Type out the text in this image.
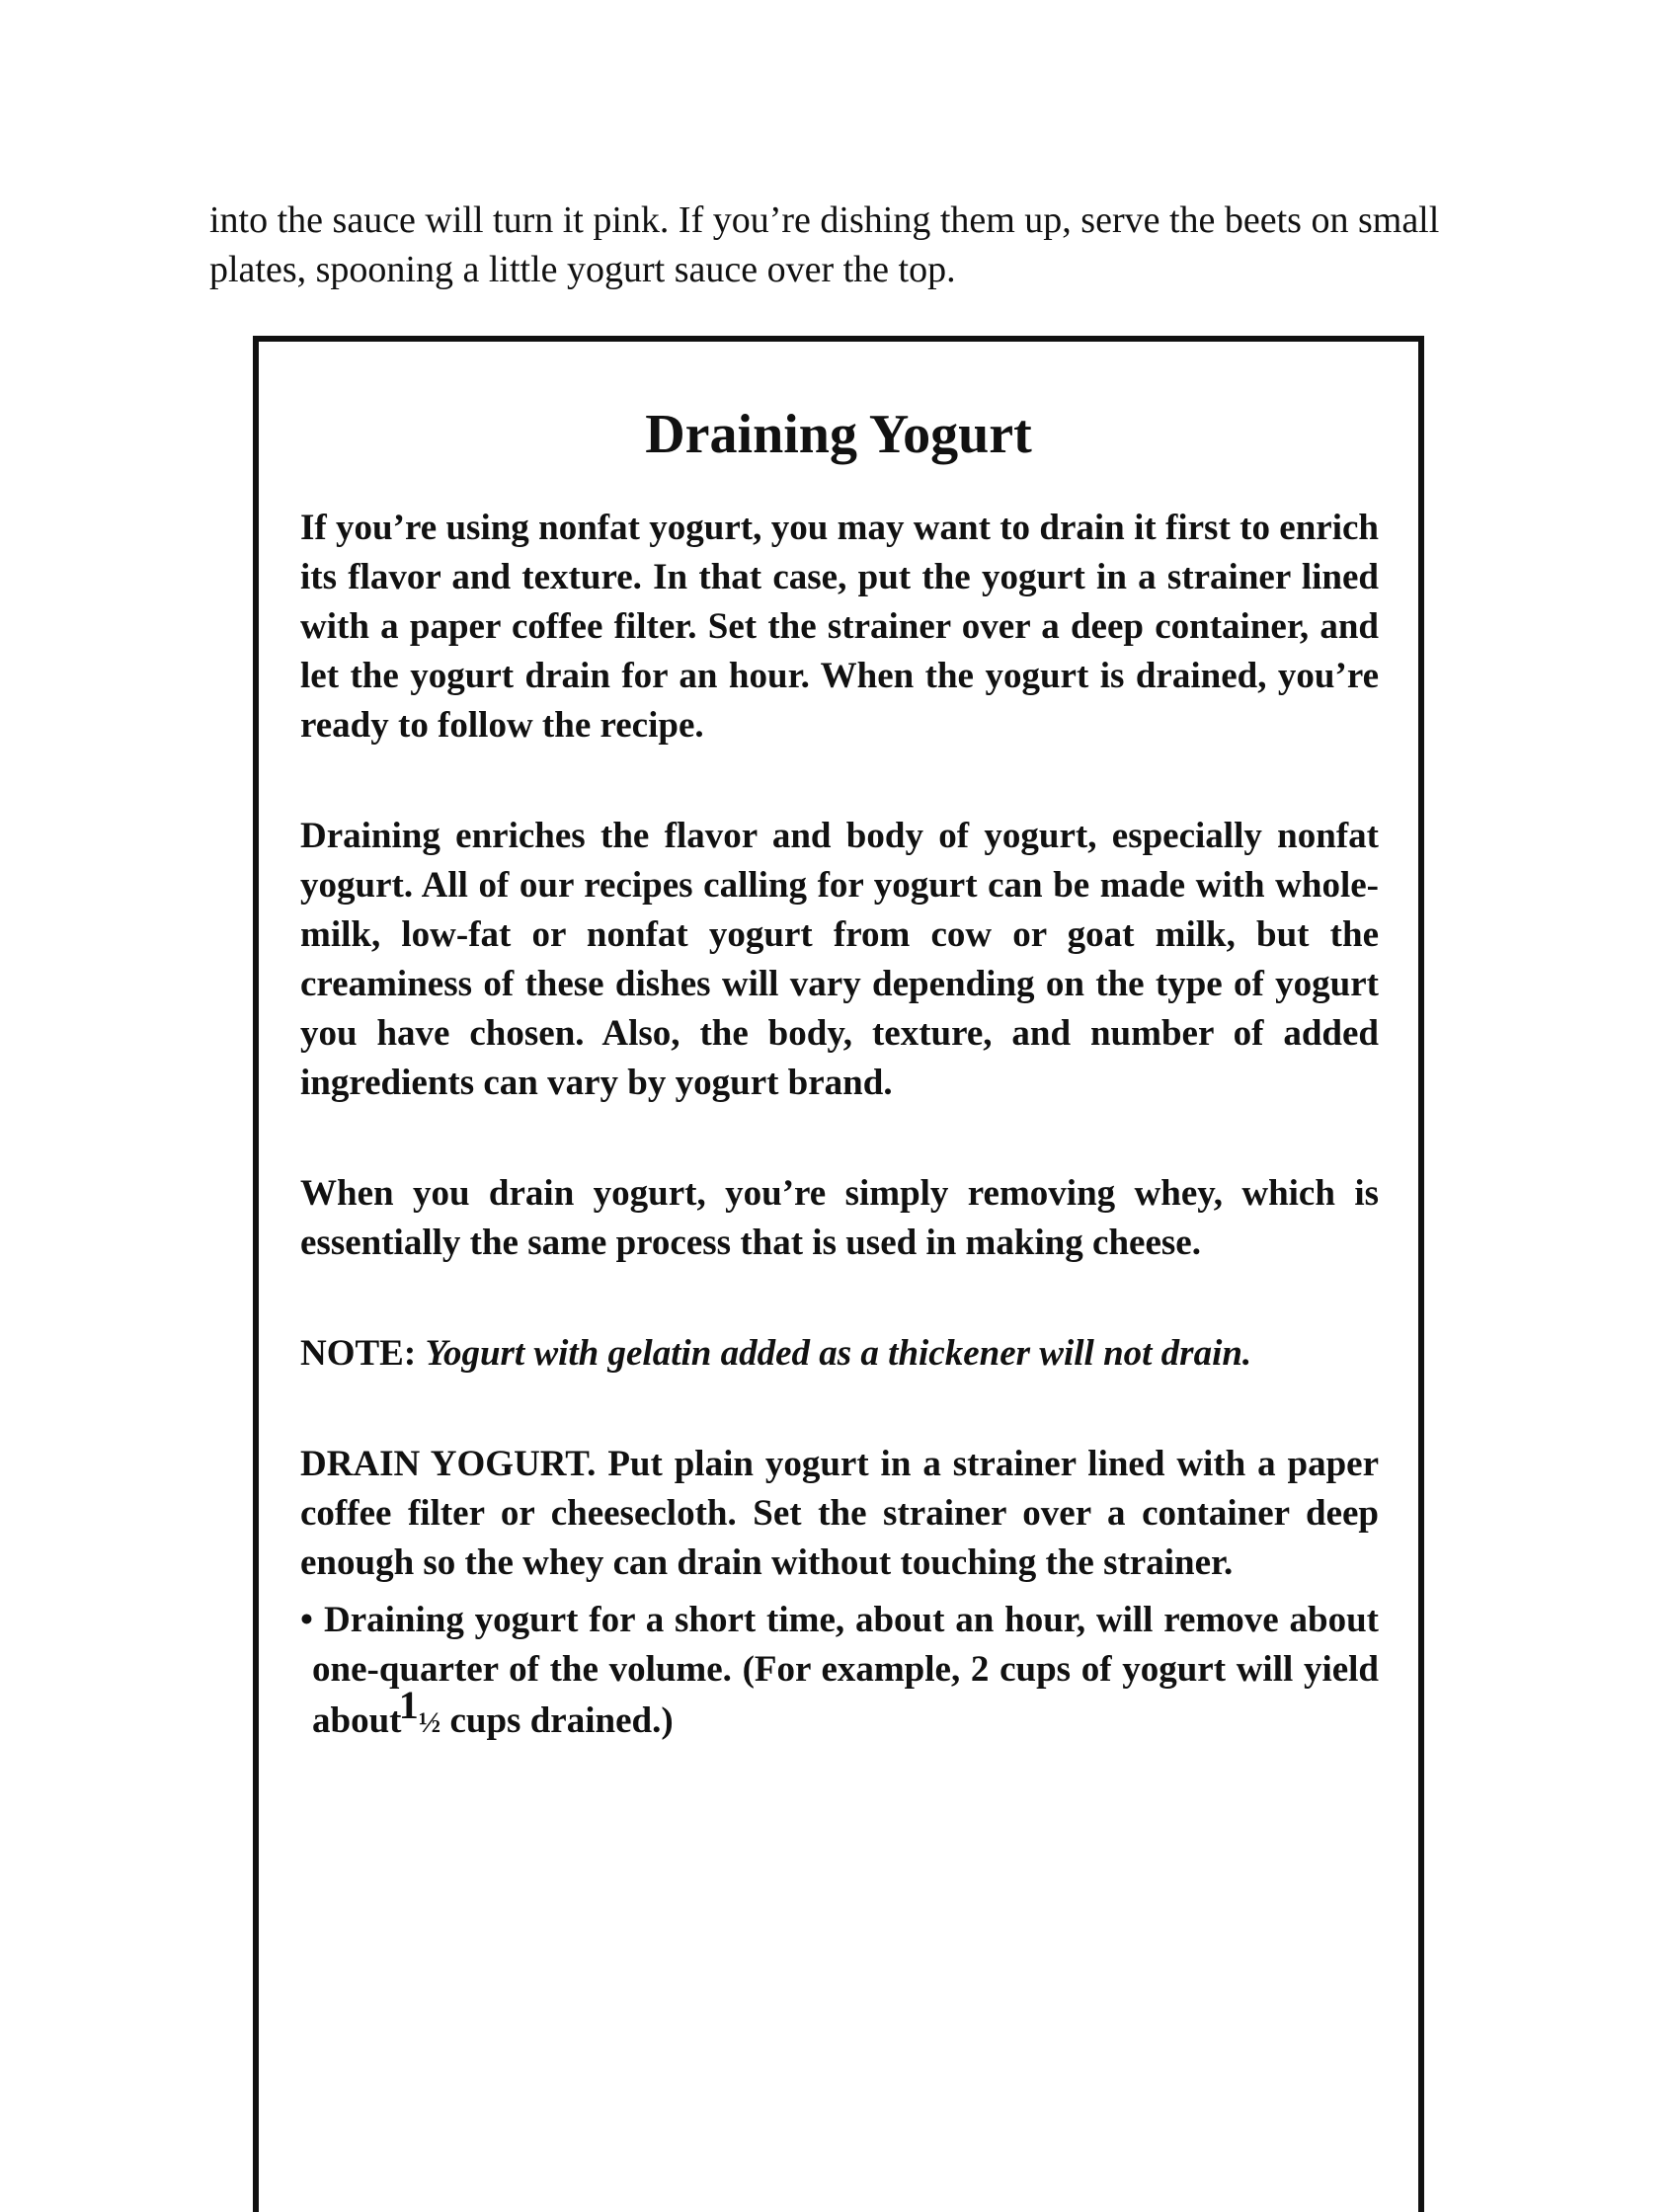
into the sauce will turn it pink. If you’re dishing them up, serve the beets on small plates, spooning a little yogurt sauce over the top.

Draining Yogurt

If you’re using nonfat yogurt, you may want to drain it first to enrich its flavor and texture. In that case, put the yogurt in a strainer lined with a paper coffee filter. Set the strainer over a deep container, and let the yogurt drain for an hour. When the yogurt is drained, you’re ready to follow the recipe.

Draining enriches the flavor and body of yogurt, especially nonfat yogurt. All of our recipes calling for yogurt can be made with whole-milk, low-fat or nonfat yogurt from cow or goat milk, but the creaminess of these dishes will vary depending on the type of yogurt you have chosen. Also, the body, texture, and number of added ingredients can vary by yogurt brand.

When you drain yogurt, you’re simply removing whey, which is essentially the same process that is used in making cheese.

NOTE: Yogurt with gelatin added as a thickener will not drain.

DRAIN YOGURT. Put plain yogurt in a strainer lined with a paper coffee filter or cheesecloth. Set the strainer over a container deep enough so the whey can drain without touching the strainer.

• Draining yogurt for a short time, about an hour, will remove about one-quarter of the volume. (For example, 2 cups of yogurt will yield about 1½ cups drained.)
